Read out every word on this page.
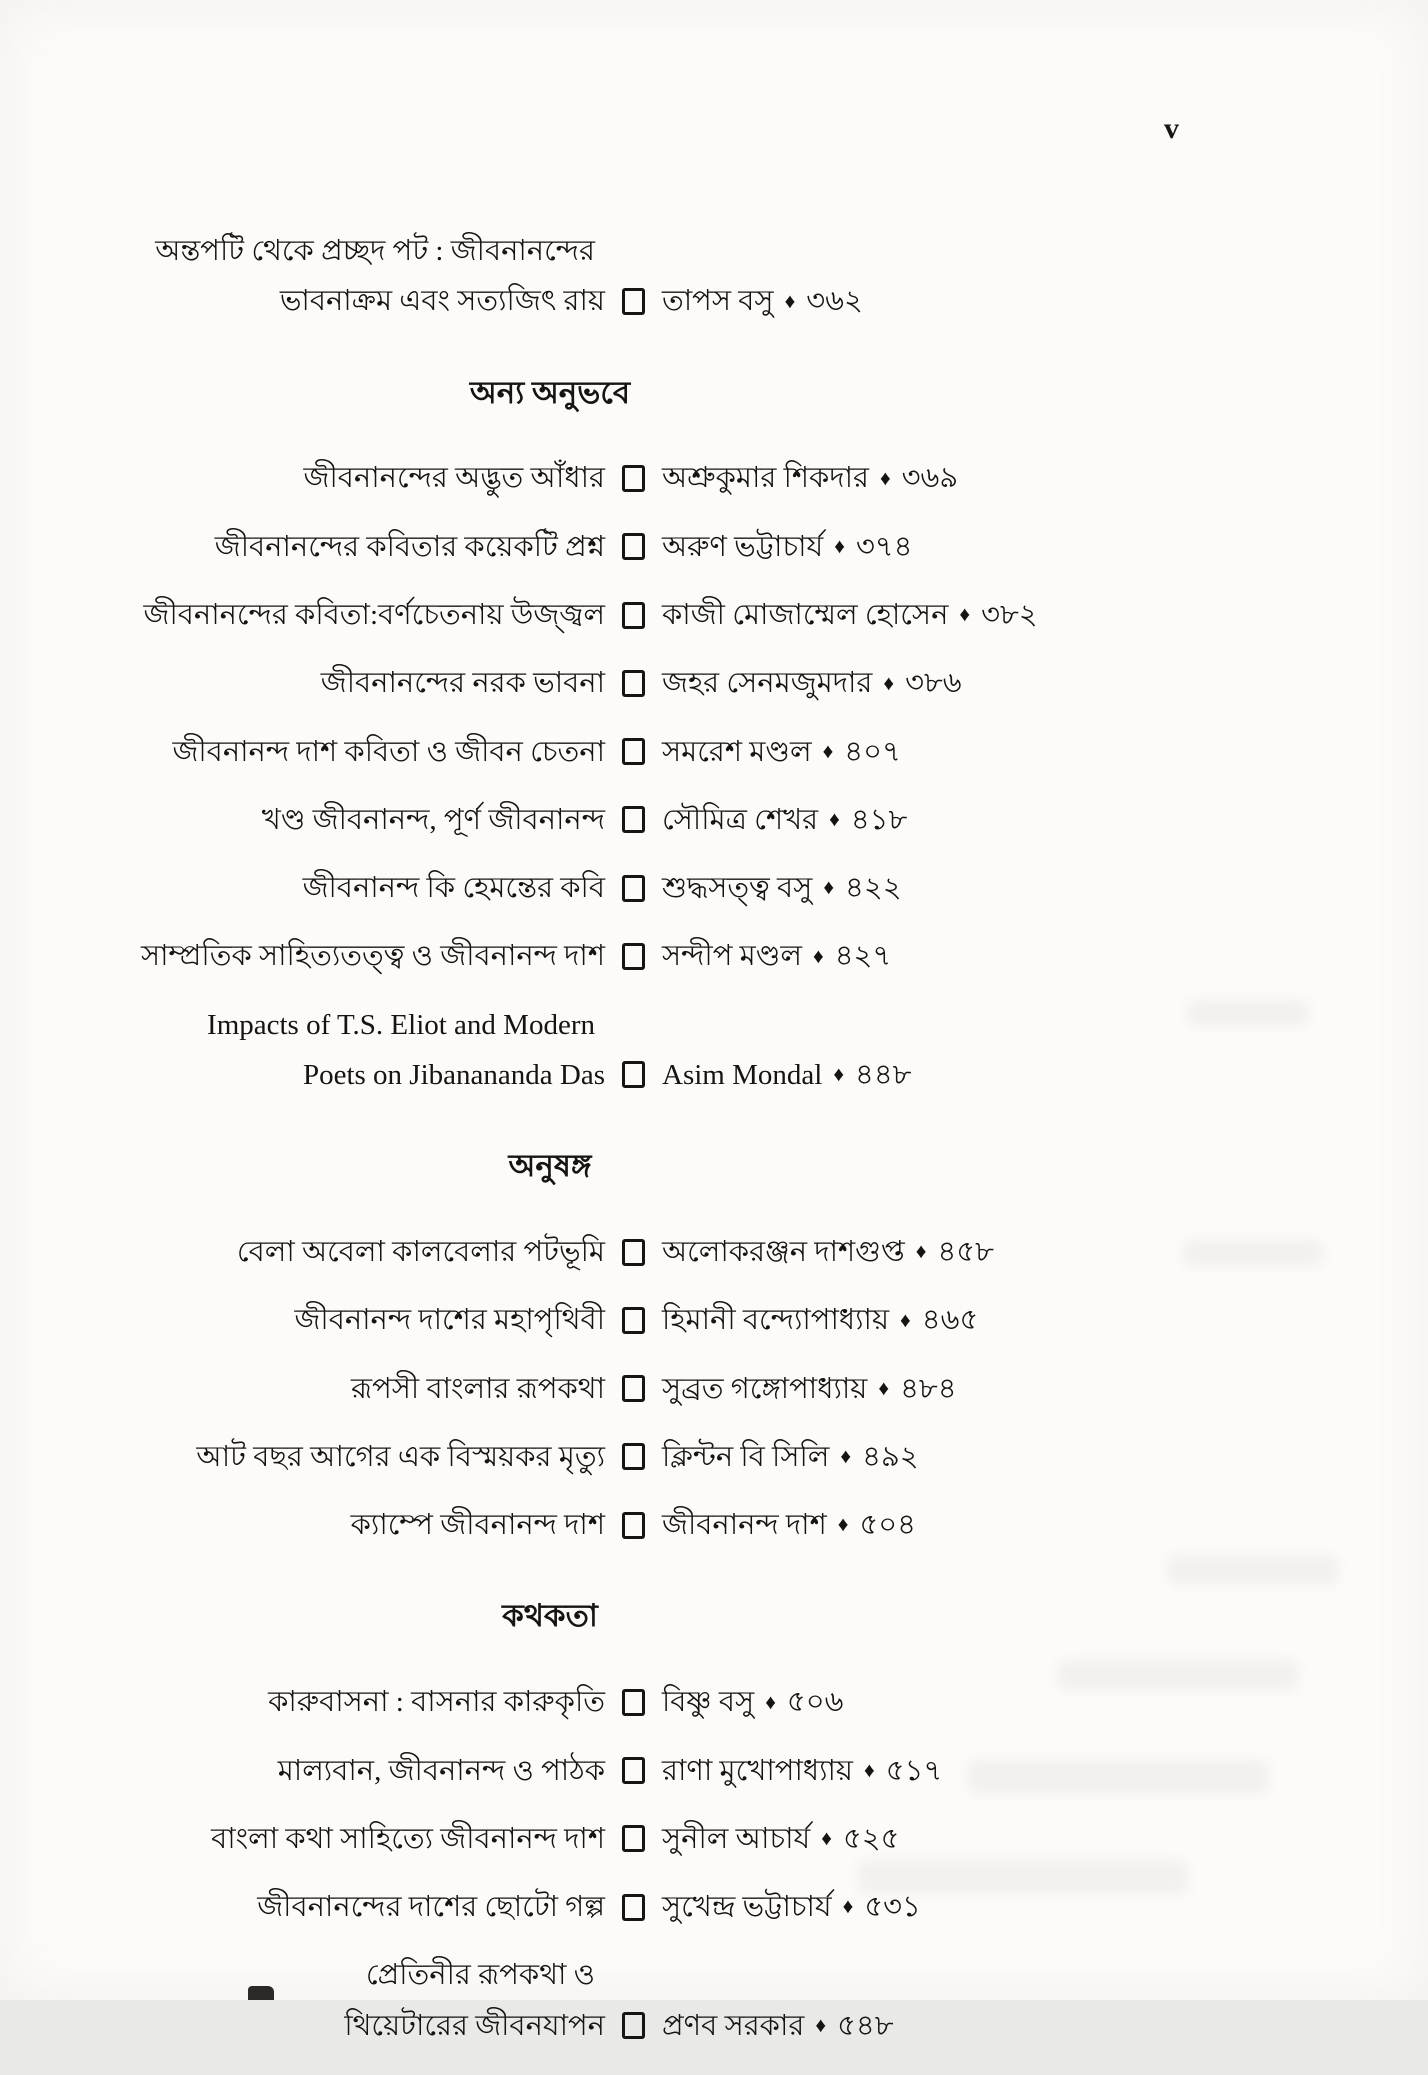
v
অন্তপটি থেকে প্রচ্ছদ পট : জীবনানন্দের
ভাবনাক্রম এবং সত্যজিৎ রায় তাপস বসু ♦ ৩৬২
অন্য অনুভবে
জীবনানন্দের অদ্ভুত আঁধার অশ্রুকুমার শিকদার ♦ ৩৬৯
জীবনানন্দের কবিতার কয়েকটি প্রশ্ন অরুণ ভট্টাচার্য ♦ ৩৭৪
জীবনানন্দের কবিতা:বর্ণচেতনায় উজ্জ্বল কাজী মোজাম্মেল হোসেন ♦ ৩৮২
জীবনানন্দের নরক ভাবনা জহর সেনমজুমদার ♦ ৩৮৬
জীবনানন্দ দাশ কবিতা ও জীবন চেতনা সমরেশ মণ্ডল ♦ ৪০৭
খণ্ড জীবনানন্দ, পূর্ণ জীবনানন্দ সৌমিত্র শেখর ♦ ৪১৮
জীবনানন্দ কি হেমন্তের কবি শুদ্ধসত্ত্ব বসু ♦ ৪২২
সাম্প্রতিক সাহিত্যতত্ত্ব ও জীবনানন্দ দাশ সন্দীপ মণ্ডল ♦ ৪২৭
Impacts of T.S. Eliot and Modern
Poets on Jibanananda Das Asim Mondal ♦ ৪৪৮
অনুষঙ্গ
বেলা অবেলা কালবেলার পটভূমি অলোকরঞ্জন দাশগুপ্ত ♦ ৪৫৮
জীবনানন্দ দাশের মহাপৃথিবী হিমানী বন্দ্যোপাধ্যায় ♦ ৪৬৫
রূপসী বাংলার রূপকথা সুব্রত গঙ্গোপাধ্যায় ♦ ৪৮৪
আট বছর আগের এক বিস্ময়কর মৃত্যু ক্লিন্টন বি সিলি ♦ ৪৯২
ক্যাম্পে জীবনানন্দ দাশ জীবনানন্দ দাশ ♦ ৫০৪
কথকতা
কারুবাসনা : বাসনার কারুকৃতি বিষ্ণু বসু ♦ ৫০৬
মাল্যবান, জীবনানন্দ ও পাঠক রাণা মুখোপাধ্যায় ♦ ৫১৭
বাংলা কথা সাহিত্যে জীবনানন্দ দাশ সুনীল আচার্য ♦ ৫২৫
জীবনানন্দের দাশের ছোটো গল্প সুখেন্দ্র ভট্টাচার্য ♦ ৫৩১
প্রেতিনীর রূপকথা ও
থিয়েটারের জীবনযাপন প্রণব সরকার ♦ ৫৪৮
